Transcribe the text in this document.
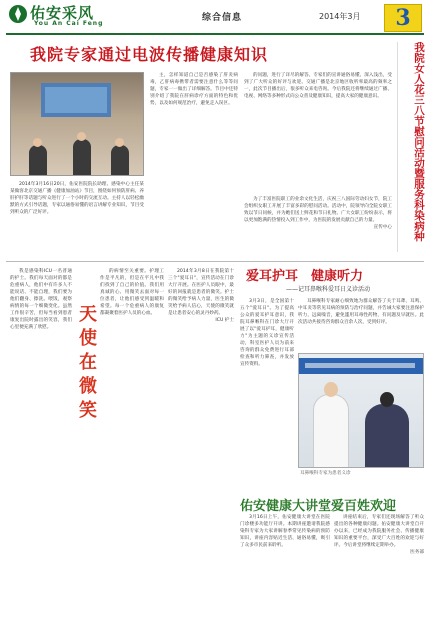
佑安采风
You An Cai Feng
综合信息	2014年3月	3
我院专家通过电波传播健康知识

2014年3月16日20日，佑安医院院长助理、感染中心主任某某做客北京交通广播《健康加油站》节目，围绕如何预防肝病、养肝护肝等话题与听众进行了一个小时的交流互动。主持人以轻松幽默的方式引导话题，专家以通俗易懂的语言讲解专业知识，节目受到听众的广泛好评。

主，怎样知道自己是否感染了肝炎病毒，乙肝病毒携带者需要注意什么等等问题，专家一一做出了详细解答。节目中还特别介绍了我院在肝病诊疗方面的特色和优势，以及如何规范治疗，避免走入误区。

的问题，进行了详尽的解答。专家们的宣讲通俗易懂、深入浅出，受到了广大听众的好评与欢迎。交通广播是北京地区收听率最高的频率之一，此次节目播出后，很多听众来电咨询。今后我院还将继续通过广播、电视、网络等多种形式向公众普及健康知识，提高大家的健康意识。

为了丰富医院职工的业余文化生活，庆祝三八国际劳动妇女节，院工会组织女职工开展了丰富多彩的慰问活动。活动中，院领导向全院女职工致以节日问候，并为她们送上鲜花和节日礼物。广大女职工纷纷表示，将以更加饱满的热情投入到工作中，为医院的发展贡献自己的力量。

宣传中心	我院女人花三八节慰问活动暨服务科染病种

我是感染科ICU一名普通的护士。我们每天面对的都是危重病人，他们中有许多人不能说话、不能自理，我们要为他们翻身、擦洗、喂饭，观察病情的每一个细微变化。虽然工作很辛苦，但每当看到患者康复出院时露出的笑容，我们心里便充满了欣慰。	天使在微笑

的病情至关重要。护理工作是平凡的，但是在平凡中我们找到了自己的价值。我们用真诚的心、用微笑去面对每一位患者，让他们感受到温暖和希望。每一个危重病人的康复都凝聚着医护人员的心血。

2014年3月8日在我院第十三个"爱耳日"，宣传活动在门诊大厅开展。在医护人员眼中，最好的回报就是患者的微笑。护士的微笑给予病人力量，医生的微笑给予病人信心，天使的微笑就是让患者安心的灵丹妙药。

ICU 护士

爱耳护耳　健康听力
——记耳鼻喉科爱耳日义诊活动

3月3日，是全国第十五个"爱耳日"。为了提高公众的爱耳护耳意识，我院耳鼻喉科在门诊大厅开展了以"爱耳护耳，健康听力"为主题的义诊宣传活动，科室医护人员为前来咨询的群众免费进行耳部检查和听力筛查，并发放宣传资料。

耳鼻喉科专家耐心细致地为群众解答了关于耳聋、耳鸣、中耳炎等常见耳病的预防与治疗问题，并告诫大家要注意保护听力，远离噪音，避免滥用耳毒性药物，有问题及早就医。此次活动共接待咨询群众百余人次，受到好评。

耳鼻喉科专家为患者义诊
佑安健康大讲堂爱百姓欢迎

3月16日上午，佑安健康大讲堂在医院门诊楼多功能厅开讲。本期讲座邀请我院感染科专家为大家讲解春季常见传染病的预防知识，讲座内容贴近生活、通俗易懂，吸引了众多市民前来聆听。

讲座结束后，专家们还现场解答了听众提出的各种健康问题。佑安健康大讲堂自开办以来，已经成为我院服务社会、传播健康知识的重要平台，深受广大百姓的欢迎与好评。今后讲堂将继续定期举办。

医务部
